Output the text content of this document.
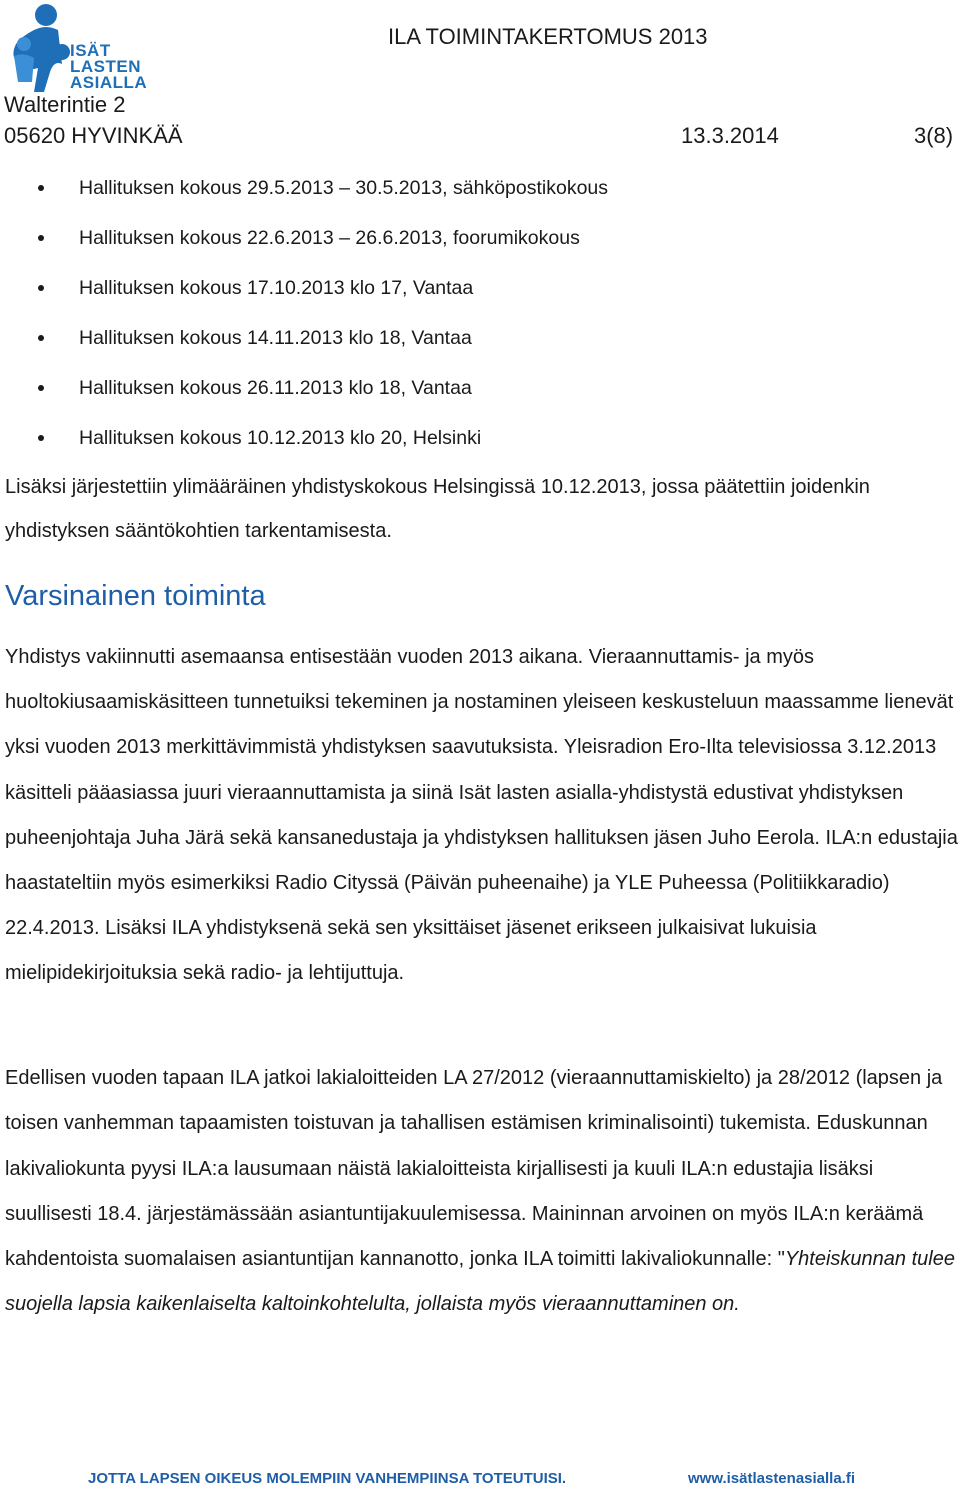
ISÄT
LASTEN
ASIALLA
ILA TOIMINTAKERTOMUS 2013
Walterintie 2
05620 HYVINKÄÄ	13.3.2014	3(8)
Hallituksen kokous 29.5.2013 – 30.5.2013, sähköpostikokous
Hallituksen kokous 22.6.2013 – 26.6.2013, foorumikokous
Hallituksen kokous 17.10.2013 klo 17, Vantaa
Hallituksen kokous 14.11.2013 klo 18, Vantaa
Hallituksen kokous 26.11.2013 klo 18, Vantaa
Hallituksen kokous 10.12.2013 klo 20, Helsinki

Lisäksi järjestettiin ylimääräinen yhdistyskokous Helsingissä 10.12.2013, jossa päätettiin joidenkin yhdistyksen sääntökohtien tarkentamisesta.

Varsinainen toiminta

Yhdistys vakiinnutti asemaansa entisestään vuoden 2013 aikana. Vieraannuttamis- ja myös huoltokiusaamiskäsitteen tunnetuiksi tekeminen ja nostaminen yleiseen keskusteluun maassamme lienevät yksi vuoden 2013 merkittävimmistä yhdistyksen saavutuksista. Yleisradion Ero-Ilta televisiossa 3.12.2013 käsitteli pääasiassa juuri vieraannuttamista ja siinä Isät lasten asialla-yhdistystä edustivat yhdistyksen puheenjohtaja Juha Järä sekä kansanedustaja ja yhdistyksen hallituksen jäsen Juho Eerola. ILA:n edustajia haastateltiin myös esimerkiksi Radio Cityssä (Päivän puheenaihe) ja YLE Puheessa (Politiikkaradio) 22.4.2013. Lisäksi ILA yhdistyksenä sekä sen yksittäiset jäsenet erikseen julkaisivat lukuisia mielipidekirjoituksia sekä radio- ja lehtijuttuja.

Edellisen vuoden tapaan ILA jatkoi lakialoitteiden LA 27/2012 (vieraannuttamiskielto) ja 28/2012 (lapsen ja toisen vanhemman tapaamisten toistuvan ja tahallisen estämisen kriminalisointi) tukemista. Eduskunnan lakivaliokunta pyysi ILA:a lausumaan näistä lakialoitteista kirjallisesti ja kuuli ILA:n edustajia lisäksi suullisesti 18.4. järjestämässään asiantuntijakuulemisessa. Maininnan arvoinen on myös ILA:n keräämä kahdentoista suomalaisen asiantuntijan kannanotto, jonka ILA toimitti lakivaliokunnalle: "Yhteiskunnan tulee suojella lapsia kaikenlaiselta kaltoinkohtelulta, jollaista myös vieraannuttaminen on.

JOTTA LAPSEN OIKEUS MOLEMPIIN VANHEMPIINSA TOTEUTUISI.	www.isätlastenasialla.fi
